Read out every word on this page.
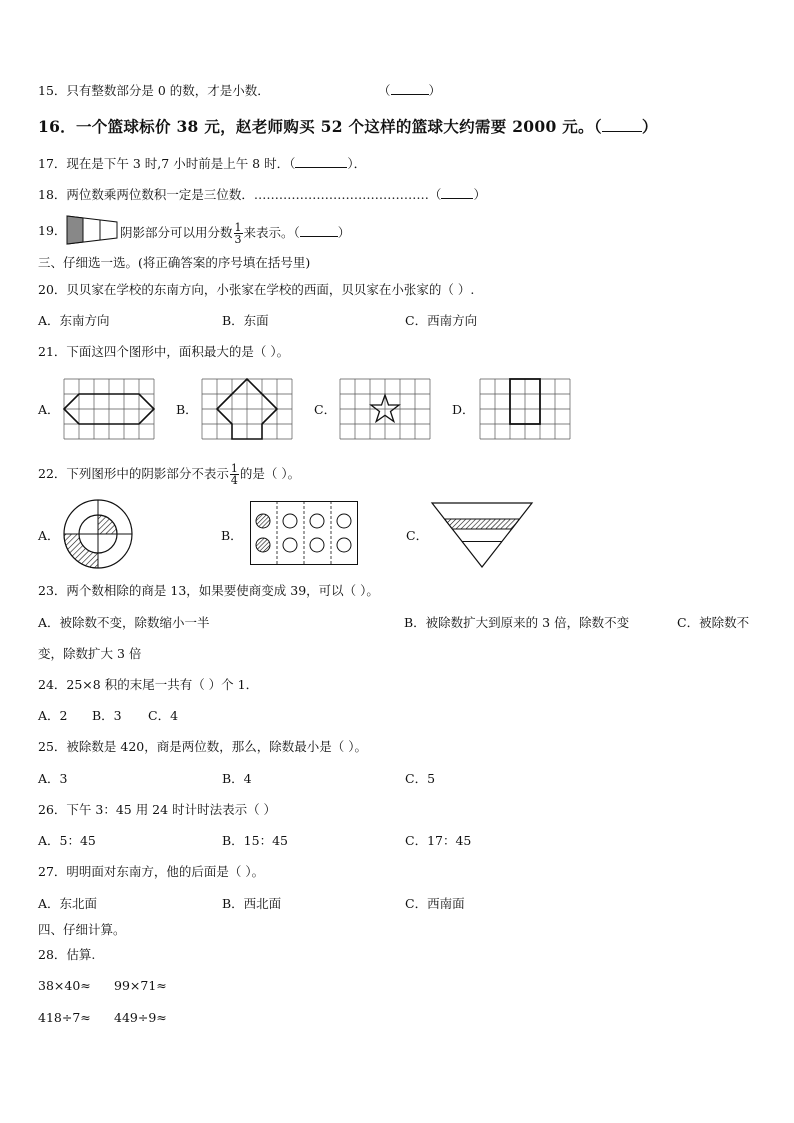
15．只有整数部分是 0 的数，才是小数．	（	）
16．一个篮球标价 38 元，赵老师购买 52 个这样的篮球大约需要 2000 元。（	）
17．现在是下午 3 时,7 小时前是上午 8 时．（	）．
18．两位数乘两位数积一定是三位数．……………………………………（	）
19．	阴影部分可以用分数 $\frac{1}{3}$ 来表示。（	）
三、仔细选一选。(将正确答案的序号填在括号里)
20．贝贝家在学校的东南方向，小张家在学校的西面，贝贝家在小张家的（ ）.
A．东南方向	B．东面	C．西南方向
21．下面这四个图形中，面积最大的是（ ）。
A．	B．	C．	D．
22．下列图形中的阴影部分不表示 $\frac{1}{4}$ 的是（ ）。
A．	B．	C．
23．两个数相除的商是 13，如果要使商变成 39，可以（ ）。
A．被除数不变，除数缩小一半	B．被除数扩大到原来的 3 倍，除数不变	C．被除数不
变，除数扩大 3 倍
24．25×8 积的末尾一共有（ ）个 1．
A．2 B．3 C．4
25．被除数是 420，商是两位数，那么，除数最小是（ ）。
A．3	B．4	C．5
26．下午 3：45 用 24 时计时法表示（ ）
A．5：45	B．15：45	C．17：45
27．明明面对东南方，他的后面是（ ）。
A．东北面	B．西北面	C．西南面
四、仔细计算。
28．估算.
38×40≈ 99×71≈
418÷7≈ 449÷9≈
